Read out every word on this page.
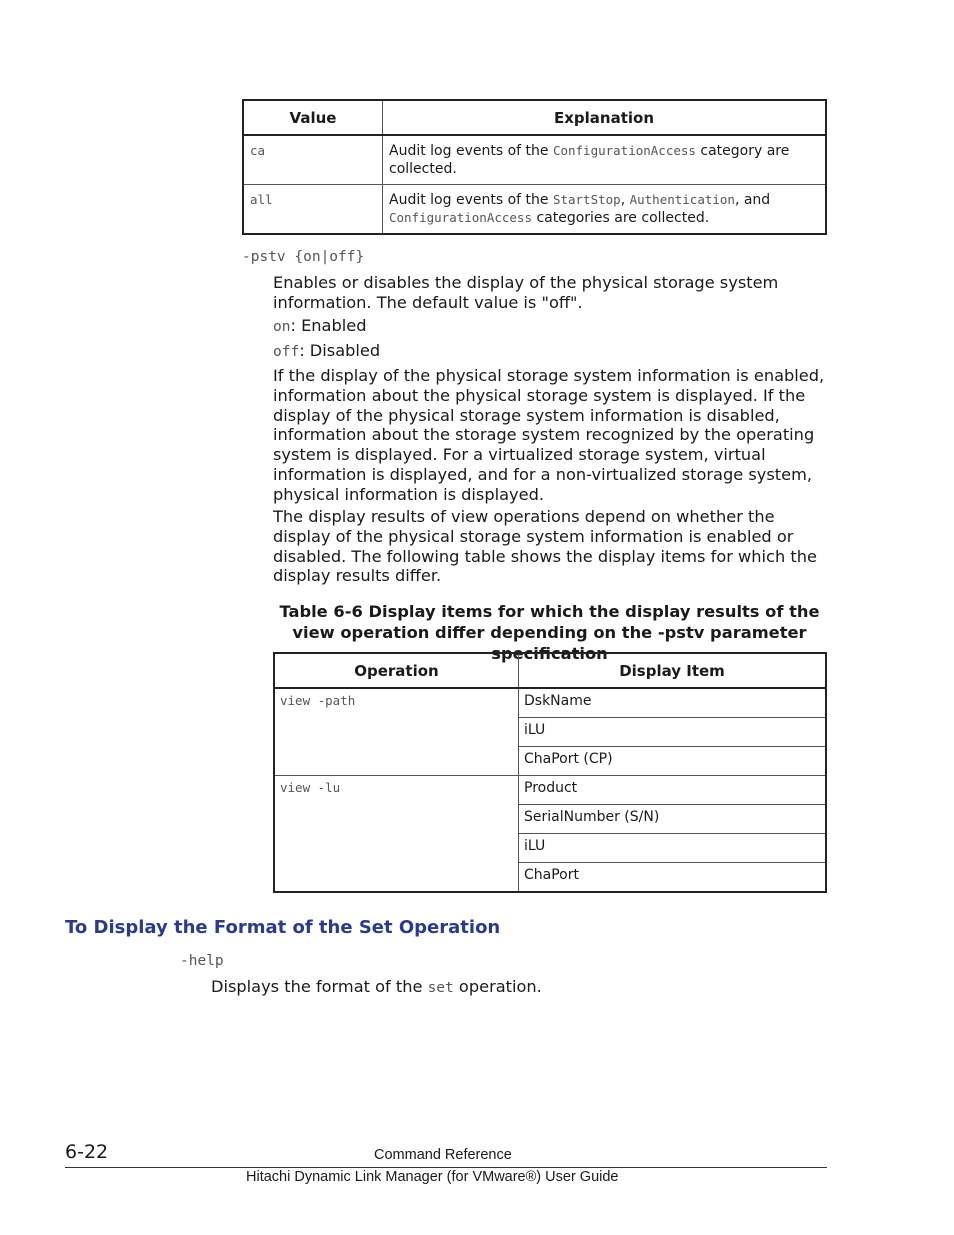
Value	Explanation
ca	Audit log events of the ConfigurationAccess category are collected.
all	Audit log events of the StartStop, Authentication, and ConfigurationAccess categories are collected.
-pstv {on|off}
Enables or disables the display of the physical storage system information. The default value is "off".
on: Enabled
off: Disabled
If the display of the physical storage system information is enabled, information about the physical storage system is displayed. If the display of the physical storage system information is disabled, information about the storage system recognized by the operating system is displayed. For a virtualized storage system, virtual information is displayed, and for a non-virtualized storage system, physical information is displayed.
The display results of view operations depend on whether the display of the physical storage system information is enabled or disabled. The following table shows the display items for which the display results differ.
Table 6-6 Display items for which the display results of the view operation differ depending on the -pstv parameter specification
Operation	Display Item
view -path	DskName
	iLU
	ChaPort (CP)
view -lu	Product
	SerialNumber (S/N)
	iLU
	ChaPort
To Display the Format of the Set Operation
-help
Displays the format of the set operation.
6-22	Command Reference
Hitachi Dynamic Link Manager (for VMware®) User Guide
